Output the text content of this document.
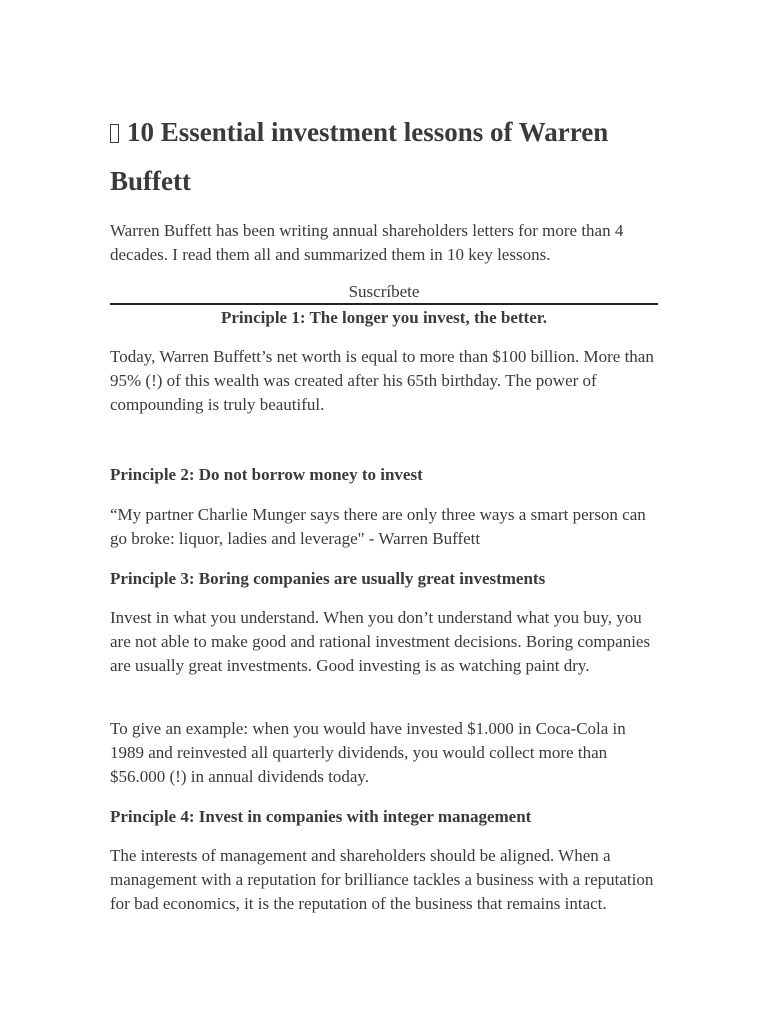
10 Essential investment lessons of Warren Buffett

Warren Buffett has been writing annual shareholders letters for more than 4 decades. I read them all and summarized them in 10 key lessons.

Suscríbete

Principle 1: The longer you invest, the better.

Today, Warren Buffett’s net worth is equal to more than $100 billion. More than 95% (!) of this wealth was created after his 65th birthday. The power of compounding is truly beautiful.

Principle 2: Do not borrow money to invest

“My partner Charlie Munger says there are only three ways a smart person can go broke: liquor, ladies and leverage" - Warren Buffett

Principle 3: Boring companies are usually great investments

Invest in what you understand. When you don’t understand what you buy, you are not able to make good and rational investment decisions. Boring companies are usually great investments. Good investing is as watching paint dry.

To give an example: when you would have invested $1.000 in Coca-Cola in 1989 and reinvested all quarterly dividends, you would collect more than $56.000 (!) in annual dividends today.

Principle 4: Invest in companies with integer management

The interests of management and shareholders should be aligned. When a management with a reputation for brilliance tackles a business with a reputation for bad economics, it is the reputation of the business that remains intact.
